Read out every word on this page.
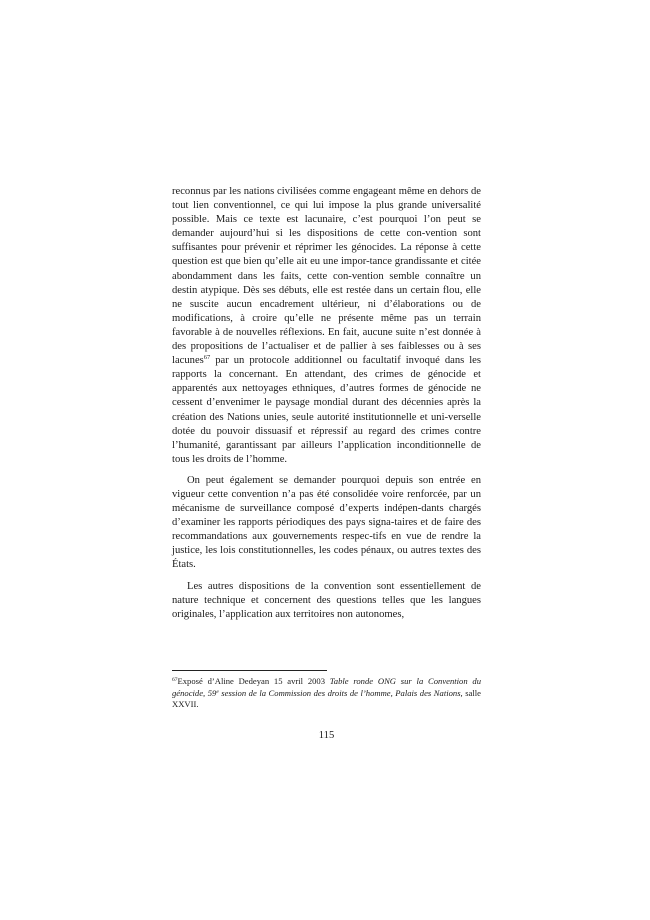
reconnus par les nations civilisées comme engageant même en dehors de tout lien conventionnel, ce qui lui impose la plus grande universalité possible. Mais ce texte est lacunaire, c’est pourquoi l’on peut se demander aujourd’hui si les dispositions de cette con-vention sont suffisantes pour prévenir et réprimer les génocides. La réponse à cette question est que bien qu’elle ait eu une impor-tance grandissante et citée abondamment dans les faits, cette con-vention semble connaître un destin atypique. Dès ses débuts, elle est restée dans un certain flou, elle ne suscite aucun encadrement ultérieur, ni d’élaborations ou de modifications, à croire qu’elle ne présente même pas un terrain favorable à de nouvelles réflexions. En fait, aucune suite n’est donnée à des propositions de l’actualiser et de pallier à ses faiblesses ou à ses lacunes$^{67}$ par un protocole additionnel ou facultatif invoqué dans les rapports la concernant. En attendant, des crimes de génocide et apparentés aux nettoyages ethniques, d’autres formes de génocide ne cessent d’envenimer le paysage mondial durant des décennies après la création des Nations unies, seule autorité institutionnelle et uni-verselle dotée du pouvoir dissuasif et répressif au regard des crimes contre l’humanité, garantissant par ailleurs l’application inconditionnelle de tous les droits de l’homme.

On peut également se demander pourquoi depuis son entrée en vigueur cette convention n’a pas été consolidée voire renforcée, par un mécanisme de surveillance composé d’experts indépen-dants chargés d’examiner les rapports périodiques des pays signa-taires et de faire des recommandations aux gouvernements respec-tifs en vue de rendre la justice, les lois constitutionnelles, les codes pénaux, ou autres textes des États.

Les autres dispositions de la convention sont essentiellement de nature technique et concernent des questions telles que les langues originales, l’application aux territoires non autonomes,

$^{67}$Exposé d’Aline Dedeyan 15 avril 2003 Table ronde ONG sur la Convention du génocide, 59e session de la Commission des droits de l’homme, Palais des Nations, salle XXVII.
115
